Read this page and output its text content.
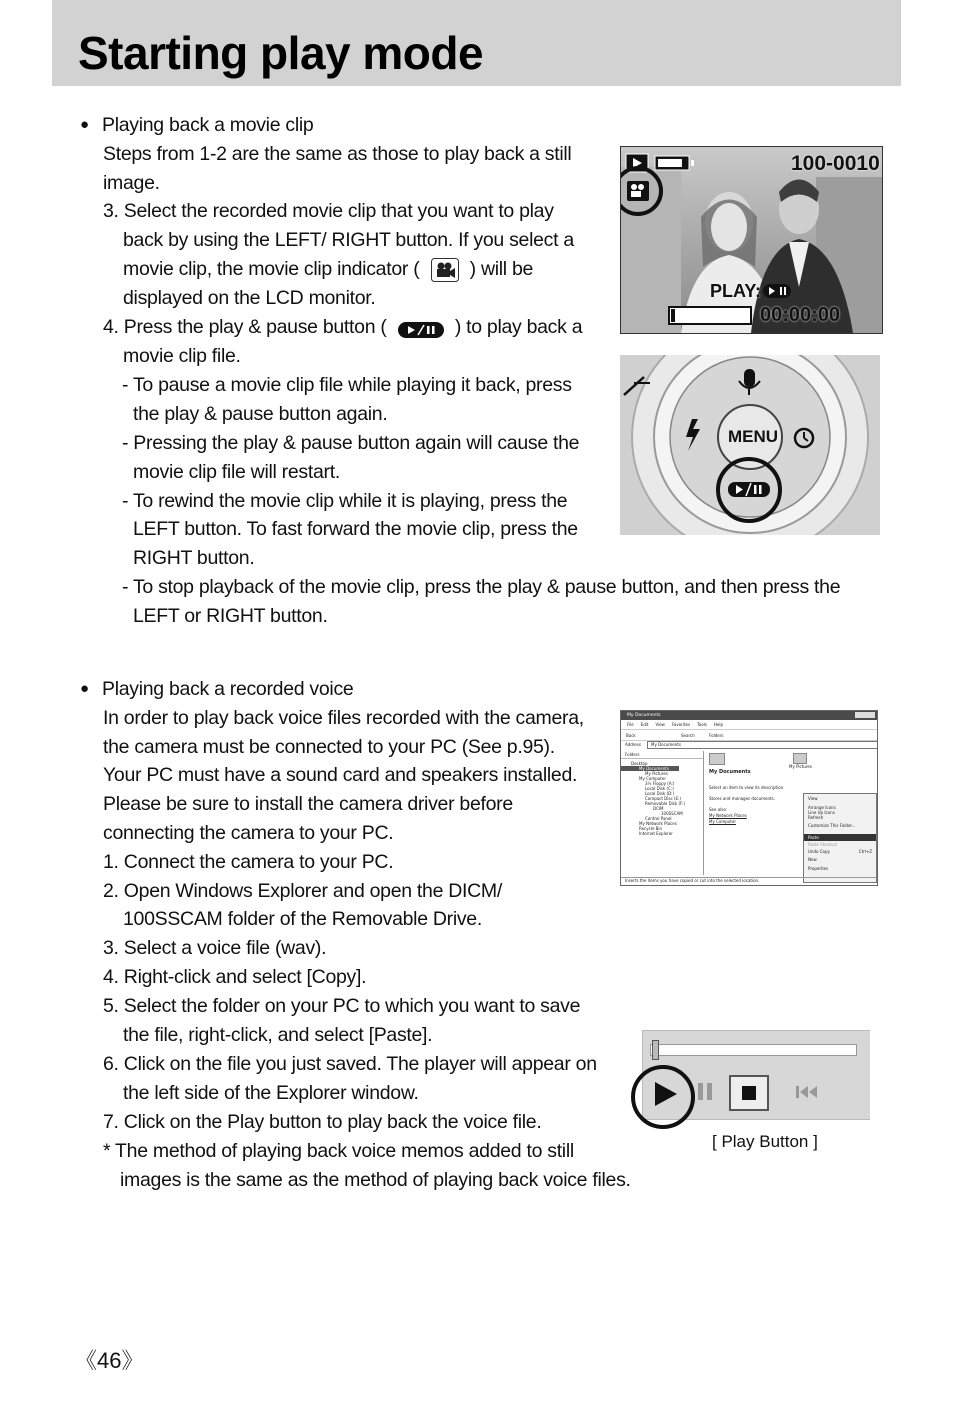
Starting play mode
● Playing back a movie clip
Steps from 1-2 are the same as those to play back a still
image.
3. Select the recorded movie clip that you want to play
back by using the LEFT/ RIGHT button. If you select a
movie clip, the movie clip indicator (	) will be
displayed on the LCD monitor.
4. Press the play & pause button (	) to play back a
movie clip file.
- To pause a movie clip file while playing it back, press
the play & pause button again.
- Pressing the play & pause button again will cause the
movie clip file will restart.
- To rewind the movie clip while it is playing, press the
LEFT button. To fast forward the movie clip, press the
RIGHT button.
- To stop playback of the movie clip, press the play & pause button, and then press the
LEFT or RIGHT button.
100-0010
PLAY:
00:00:00
MENU
● Playing back a recorded voice
In order to play back voice files recorded with the camera,
the camera must be connected to your PC (See p.95).
Your PC must have a sound card and speakers installed.
Please be sure to install the camera driver before
connecting the camera to your PC.
1. Connect the camera to your PC.
2. Open Windows Explorer and open the DICM/
100SSCAM folder of the Removable Drive.
3. Select a voice file (wav).
4. Right-click and select [Copy].
5. Select the folder on your PC to which you want to save
the file, right-click, and select [Paste].
6. Click on the file you just saved. The player will appear on
the left side of the Explorer window.
7. Click on the Play button to play back the voice file.
* The method of playing back voice memos added to still
images is the same as the method of playing back voice files.
My Documents
File Edit View Favorites Tools Help
Back	Search	Folders
Address	My Documents
Folders
Desktop
My Documents
My Pictures
My Computer
3½ Floppy (A:)
Local Disk (C:)
Local Disk (D:)
Compact Disc (E:)
Removable Disk (F:)
DCIM
100SSCAM
Control Panel
My Network Places
Recycle Bin
Internet Explorer
My Documents
Select an item to view its description.
Stores and manages documents.
See also:
My Network Places
My Computer
My Pictures
View
Arrange Icons
Line Up Icons
Refresh
Customize This Folder...
Paste
Paste Shortcut
Undo Copy	Ctrl+Z
New
Properties
Inserts the items you have copied or cut into the selected location.
[ Play Button ]
《46》
